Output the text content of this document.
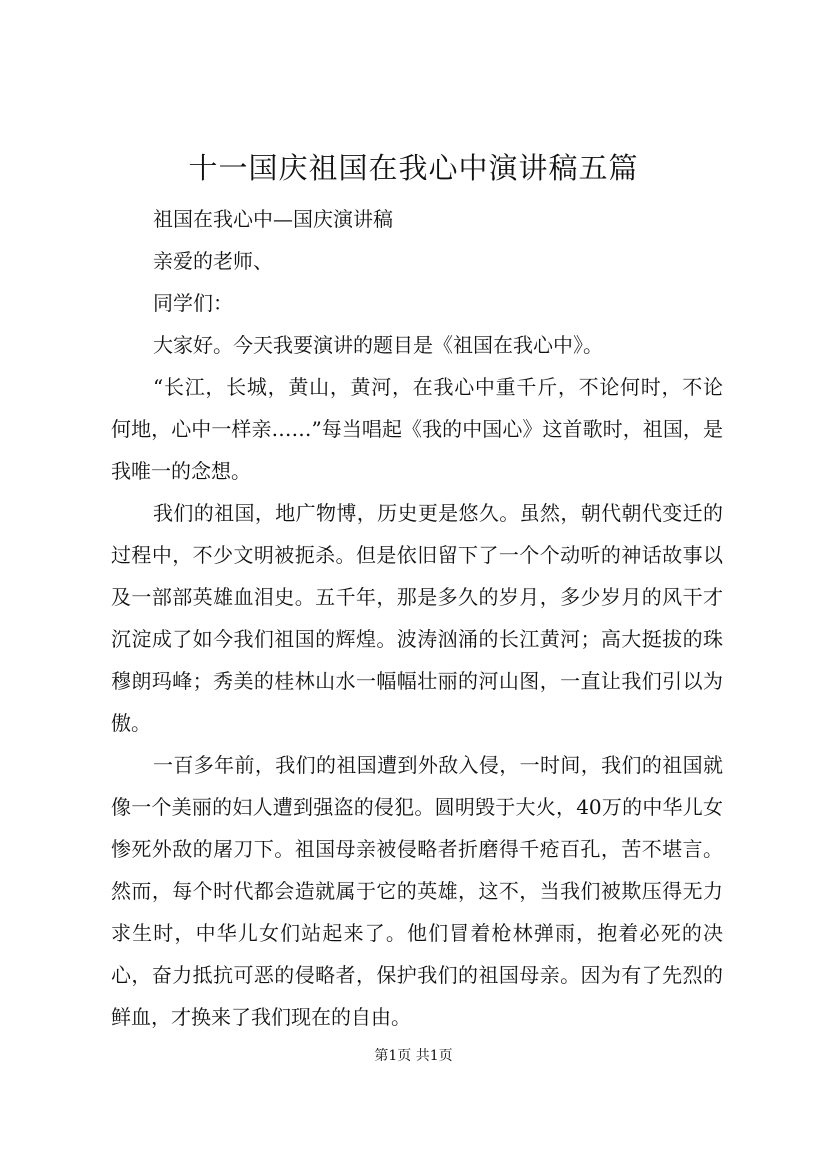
十一国庆祖国在我心中演讲稿五篇

祖国在我心中—国庆演讲稿

亲爱的老师、

同学们：

大家好。今天我要演讲的题目是《祖国在我心中》。

“长江，长城，黄山，黄河，在我心中重千斤，不论何时，不论何地，心中一样亲……”每当唱起《我的中国心》这首歌时，祖国，是我唯一的念想。

我们的祖国，地广物博，历史更是悠久。虽然，朝代朝代变迁的过程中，不少文明被扼杀。但是依旧留下了一个个动听的神话故事以及一部部英雄血泪史。五千年，那是多久的岁月，多少岁月的风干才沉淀成了如今我们祖国的辉煌。波涛汹涌的长江黄河；高大挺拔的珠穆朗玛峰；秀美的桂林山水一幅幅壮丽的河山图，一直让我们引以为傲。

一百多年前，我们的祖国遭到外敌入侵，一时间，我们的祖国就像一个美丽的妇人遭到强盗的侵犯。圆明毁于大火，40万的中华儿女惨死外敌的屠刀下。祖国母亲被侵略者折磨得千疮百孔，苦不堪言。然而，每个时代都会造就属于它的英雄，这不，当我们被欺压得无力求生时，中华儿女们站起来了。他们冒着枪林弹雨，抱着必死的决心，奋力抵抗可恶的侵略者，保护我们的祖国母亲。因为有了先烈的鲜血，才换来了我们现在的自由。

第1页 共1页
